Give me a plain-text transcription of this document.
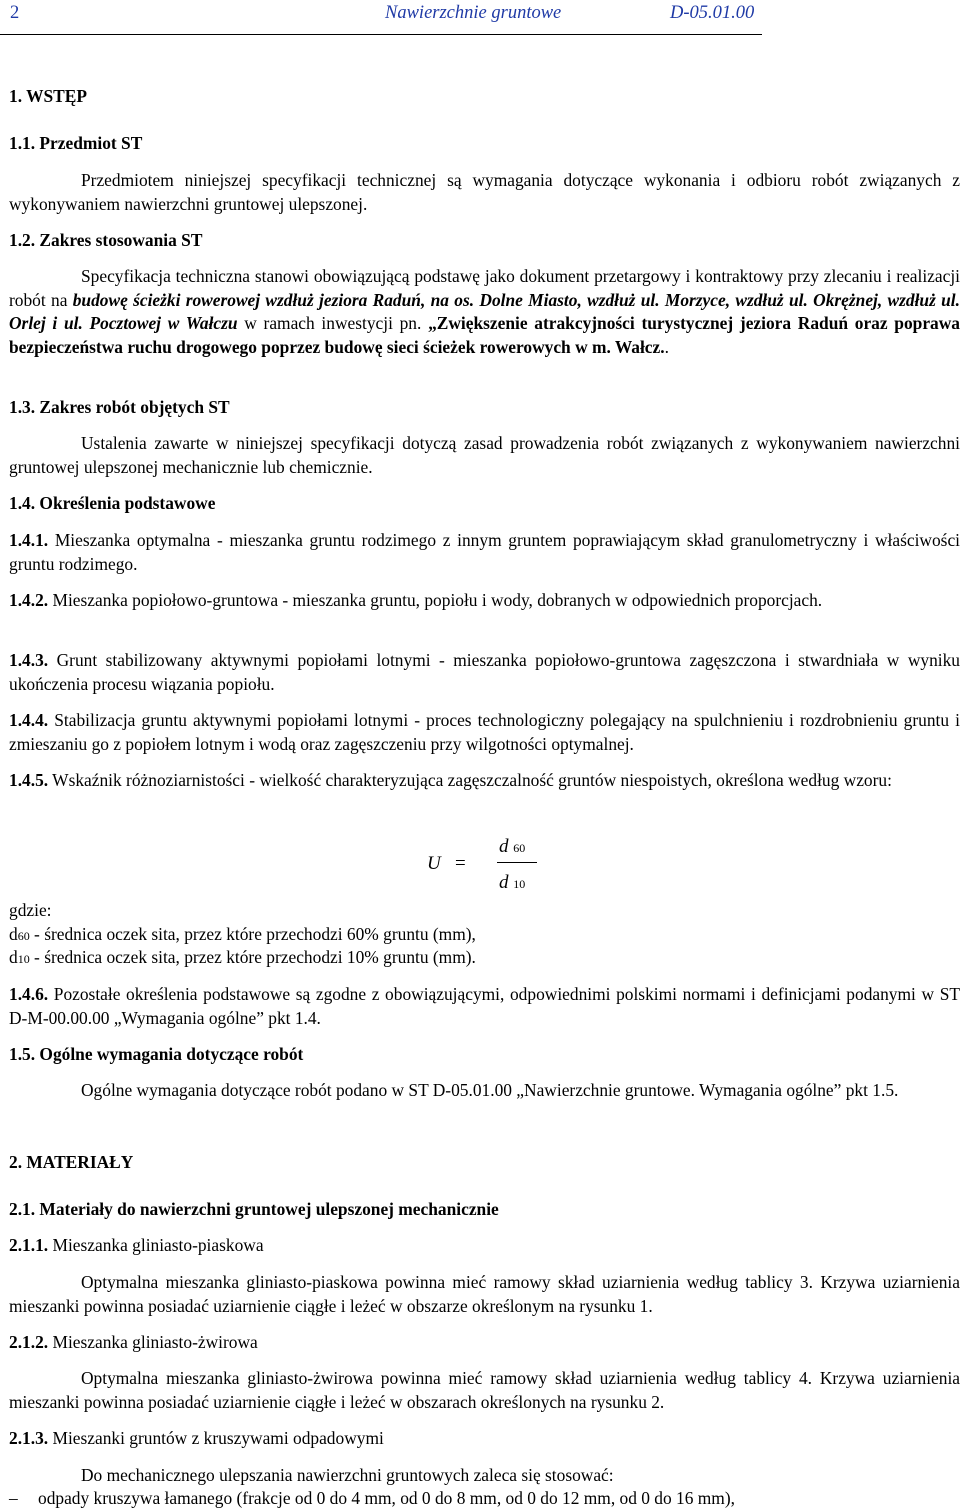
2	Nawierzchnie gruntowe	D-05.01.00
1. WSTĘP
1.1. Przedmiot ST

Przedmiotem niniejszej specyfikacji technicznej są wymagania dotyczące wykonania i odbioru robót związanych z wykonywaniem nawierzchni gruntowej ulepszonej.

1.2. Zakres stosowania ST

Specyfikacja techniczna stanowi obowiązującą podstawę jako dokument przetargowy i kontraktowy przy zlecaniu i realizacji robót na budowę ścieżki rowerowej wzdłuż jeziora Raduń, na os. Dolne Miasto, wzdłuż ul. Morzyce, wzdłuż ul. Okrężnej, wzdłuż ul. Orlej i ul. Pocztowej w Wałczu w ramach inwestycji pn. „Zwiększenie atrakcyjności turystycznej jeziora Raduń oraz poprawa bezpieczeństwa ruchu drogowego poprzez budowę sieci ścieżek rowerowych w m. Wałcz..

1.3. Zakres robót objętych ST

Ustalenia zawarte w niniejszej specyfikacji dotyczą zasad prowadzenia robót związanych z wykonywaniem nawierzchni gruntowej ulepszonej mechanicznie lub chemicznie.

1.4. Określenia podstawowe

1.4.1. Mieszanka optymalna - mieszanka gruntu rodzimego z innym gruntem poprawiającym skład granulometryczny i właściwości gruntu rodzimego.

1.4.2. Mieszanka popiołowo-gruntowa - mieszanka gruntu, popiołu i wody, dobranych w odpowiednich proporcjach.

1.4.3. Grunt stabilizowany aktywnymi popiołami lotnymi - mieszanka popiołowo-gruntowa zagęszczona i stwardniała w wyniku ukończenia procesu wiązania popiołu.

1.4.4. Stabilizacja gruntu aktywnymi popiołami lotnymi - proces technologiczny polegający na spulchnieniu i rozdrobnieniu gruntu i zmieszaniu go z popiołem lotnym i wodą oraz zagęszczeniu przy wilgotności optymalnej.

1.4.5. Wskaźnik różnoziarnistości - wielkość charakteryzująca zagęszczalność gruntów niespoistych, określona według wzoru:

U =
d 60
d 10
gdzie:
d60 - średnica oczek sita, przez które przechodzi 60% gruntu (mm),
d10 - średnica oczek sita, przez które przechodzi 10% gruntu (mm).

1.4.6. Pozostałe określenia podstawowe są zgodne z obowiązującymi, odpowiednimi polskimi normami i definicjami podanymi w ST D-M-00.00.00 „Wymagania ogólne” pkt 1.4.

1.5. Ogólne wymagania dotyczące robót

Ogólne wymagania dotyczące robót podano w ST D-05.01.00 „Nawierzchnie gruntowe. Wymagania ogólne” pkt 1.5.

2. MATERIAŁY
2.1. Materiały do nawierzchni gruntowej ulepszonej mechanicznie
2.1.1. Mieszanka gliniasto-piaskowa

Optymalna mieszanka gliniasto-piaskowa powinna mieć ramowy skład uziarnienia według tablicy 3. Krzywa uziarnienia mieszanki powinna posiadać uziarnienie ciągłe i leżeć w obszarze określonym na rysunku 1.

2.1.2. Mieszanka gliniasto-żwirowa

Optymalna mieszanka gliniasto-żwirowa powinna mieć ramowy skład uziarnienia według tablicy 4. Krzywa uziarnienia mieszanki powinna posiadać uziarnienie ciągłe i leżeć w obszarach określonych na rysunku 2.

2.1.3. Mieszanki gruntów z kruszywami odpadowymi

Do mechanicznego ulepszania nawierzchni gruntowych zaleca się stosować:

– odpady kruszywa łamanego (frakcje od 0 do 4 mm, od 0 do 8 mm, od 0 do 12 mm, od 0 do 16 mm),
